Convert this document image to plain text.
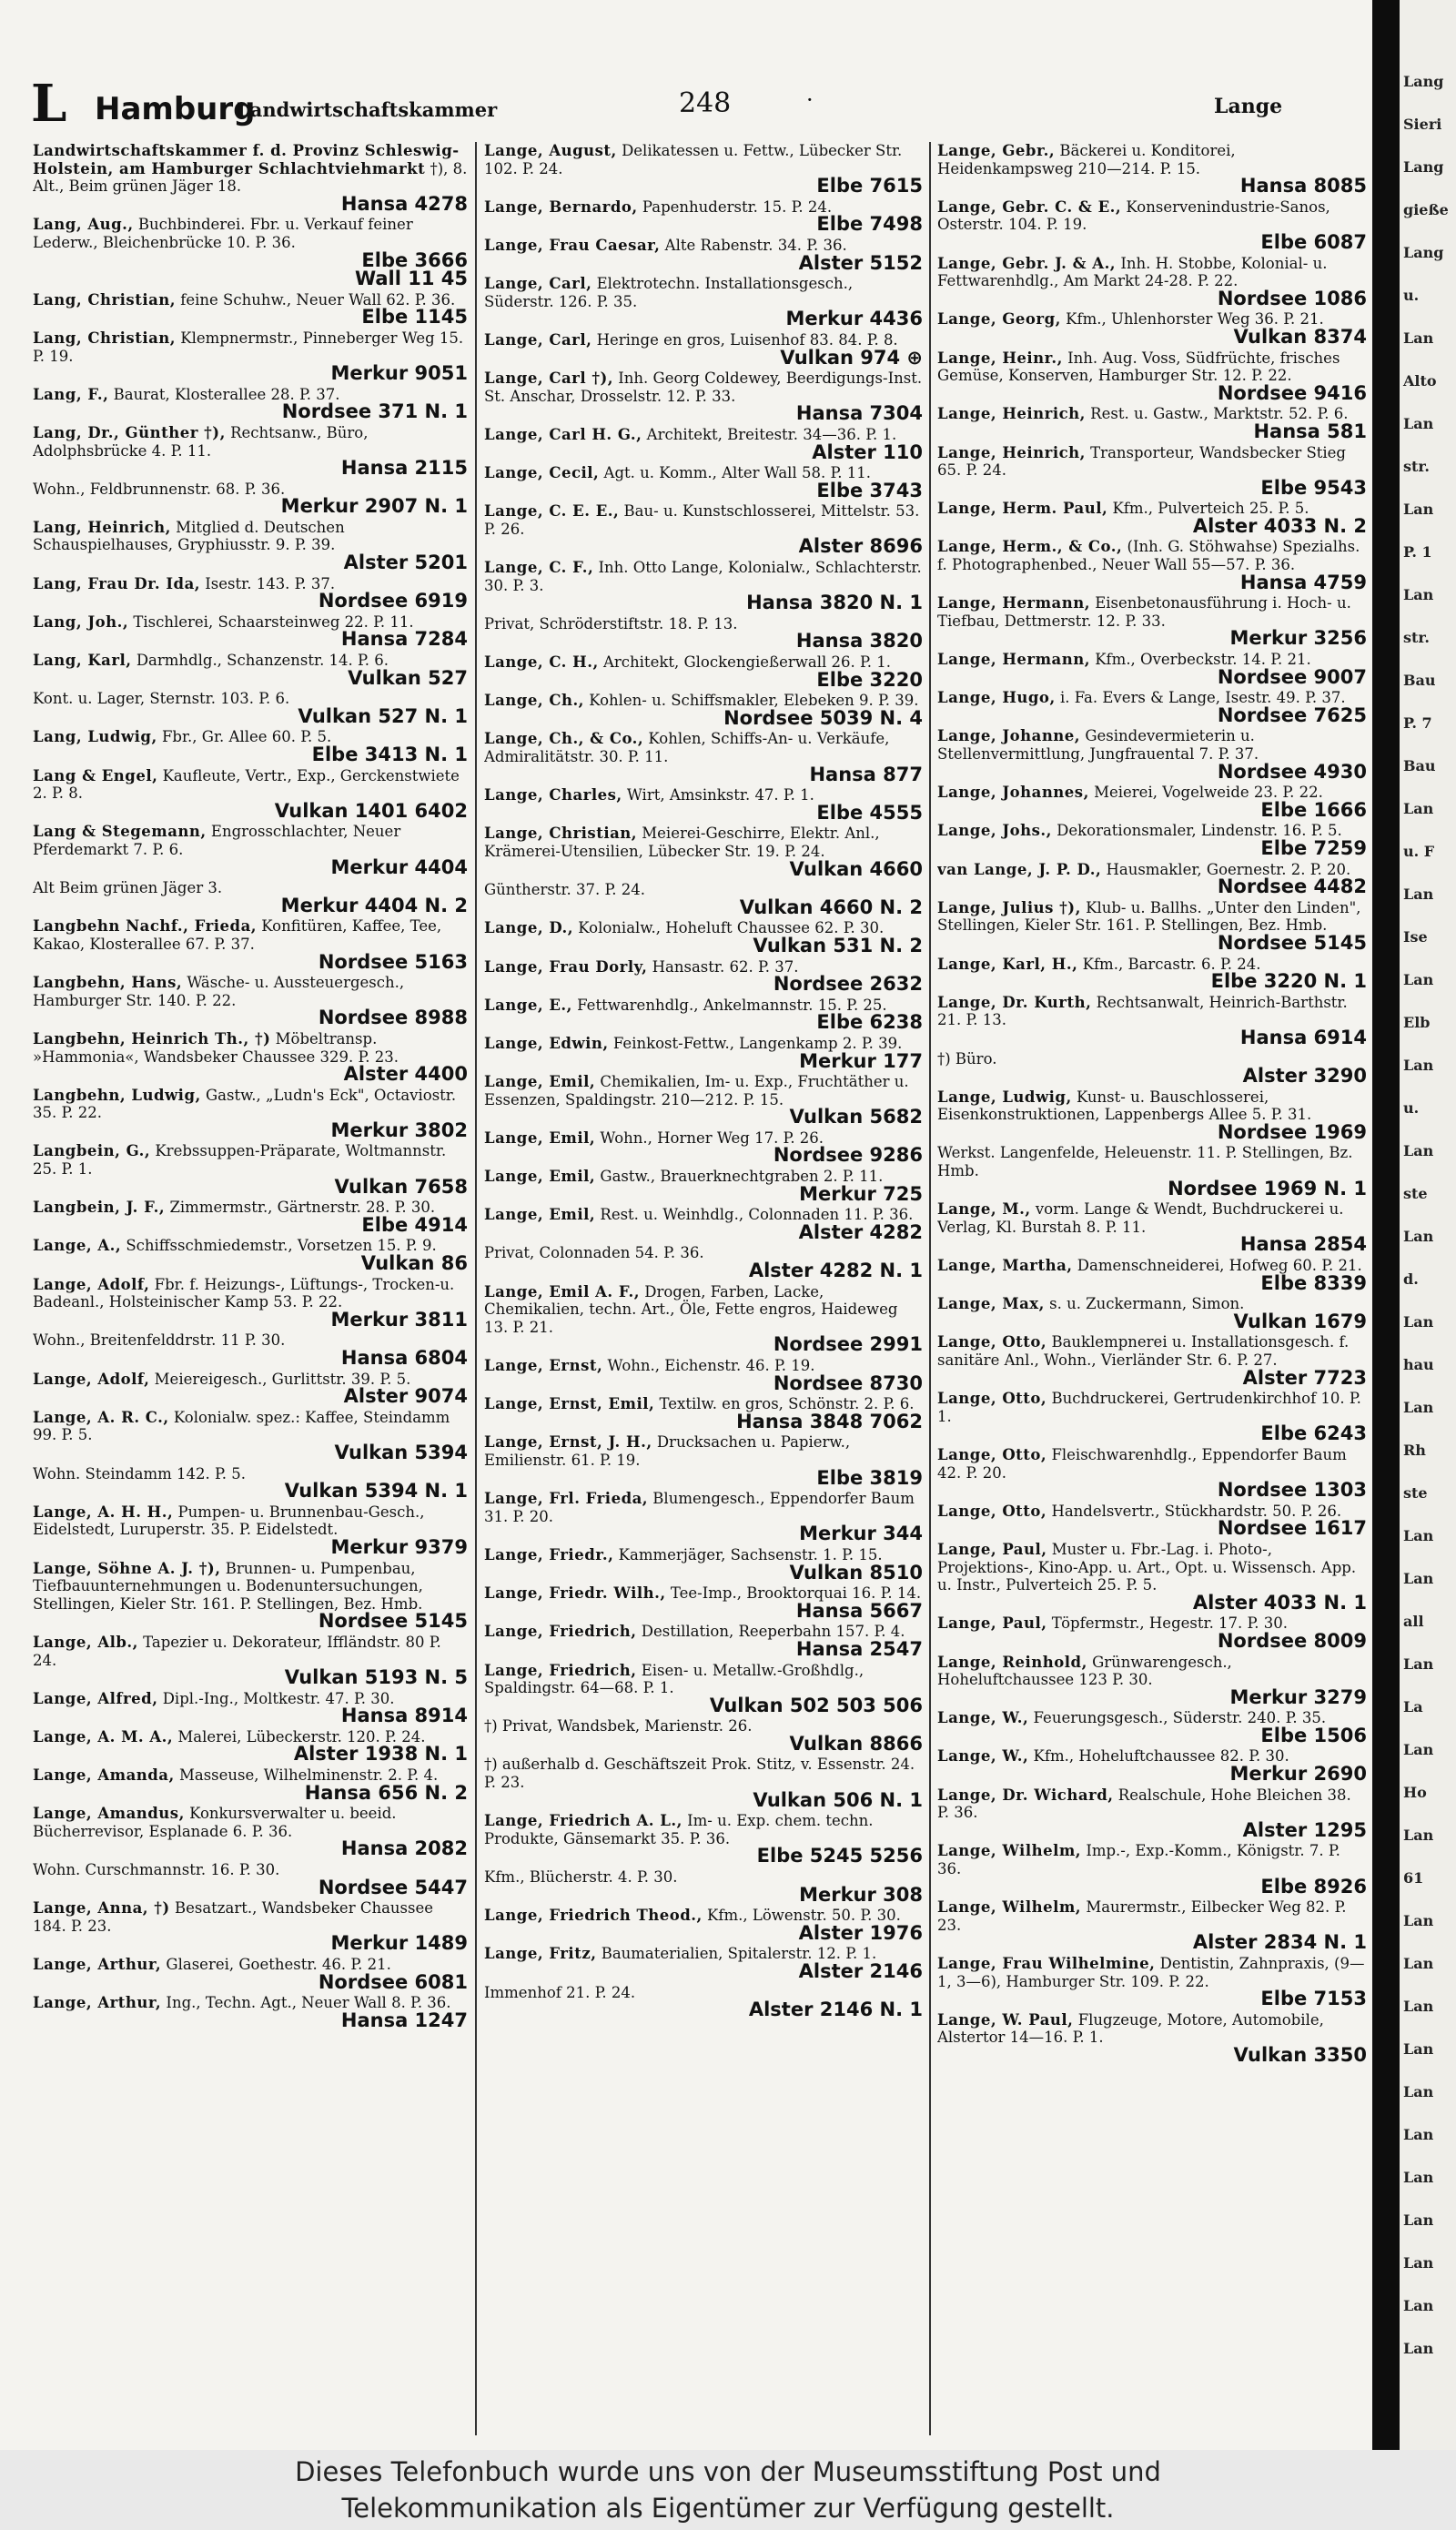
L Hamburg
Landwirtschaftskammer	248	·	Lange
Landwirtschaftskammer f. d. Provinz Schleswig-Holstein, am Hamburger Schlachtviehmarkt †), 8. Alt., Beim grünen Jäger 18.
Hansa 4278
Lang, Aug., Buchbinderei. Fbr. u. Verkauf feiner Lederw., Bleichenbrücke 10. P. 36.
Elbe 3666
Wall 11 45
Lang, Christian, feine Schuhw., Neuer Wall 62. P. 36.
Elbe 1145
Lang, Christian, Klempnermstr., Pinneberger Weg 15. P. 19.
Merkur 9051
Lang, F., Baurat, Klosterallee 28. P. 37.
Nordsee 371 N. 1
Lang, Dr., Günther †), Rechtsanw., Büro, Adolphsbrücke 4. P. 11.
Hansa 2115
Wohn., Feldbrunnenstr. 68. P. 36.
Merkur 2907 N. 1
Lang, Heinrich, Mitglied d. Deutschen Schauspielhauses, Gryphiusstr. 9. P. 39.
Alster 5201
Lang, Frau Dr. Ida, Isestr. 143. P. 37.
Nordsee 6919
Lang, Joh., Tischlerei, Schaarsteinweg 22. P. 11.
Hansa 7284
Lang, Karl, Darmhdlg., Schanzenstr. 14. P. 6.
Vulkan 527
Kont. u. Lager, Sternstr. 103. P. 6.
Vulkan 527 N. 1
Lang, Ludwig, Fbr., Gr. Allee 60. P. 5.
Elbe 3413 N. 1
Lang & Engel, Kaufleute, Vertr., Exp., Gerckenstwiete 2. P. 8.
Vulkan 1401 6402
Lang & Stegemann, Engrosschlachter, Neuer Pferdemarkt 7. P. 6.
Merkur 4404
Alt Beim grünen Jäger 3.
Merkur 4404 N. 2
Langbehn Nachf., Frieda, Konfitüren, Kaffee, Tee, Kakao, Klosterallee 67. P. 37.
Nordsee 5163
Langbehn, Hans, Wäsche- u. Aussteuergesch., Hamburger Str. 140. P. 22.
Nordsee 8988
Langbehn, Heinrich Th., †) Möbeltransp. »Hammonia«, Wandsbeker Chaussee 329. P. 23.
Alster 4400
Langbehn, Ludwig, Gastw., „Ludn's Eck", Octaviostr. 35. P. 22.
Merkur 3802
Langbein, G., Krebssuppen-Präparate, Woltmannstr. 25. P. 1.
Vulkan 7658
Langbein, J. F., Zimmermstr., Gärtnerstr. 28. P. 30.
Elbe 4914
Lange, A., Schiffsschmiedemstr., Vorsetzen 15. P. 9.
Vulkan 86
Lange, Adolf, Fbr. f. Heizungs-, Lüftungs-, Trocken-u. Badeanl., Holsteinischer Kamp 53. P. 22.
Merkur 3811
Wohn., Breitenfelddrstr. 11 P. 30.
Hansa 6804
Lange, Adolf, Meiereigesch., Gurlittstr. 39. P. 5.
Alster 9074
Lange, A. R. C., Kolonialw. spez.: Kaffee, Steindamm 99. P. 5.
Vulkan 5394
Wohn. Steindamm 142. P. 5.
Vulkan 5394 N. 1
Lange, A. H. H., Pumpen- u. Brunnenbau-Gesch., Eidelstedt, Luruperstr. 35. P. Eidelstedt.
Merkur 9379
Lange, Söhne A. J. †), Brunnen- u. Pumpenbau, Tiefbauunternehmungen u. Bodenuntersuchungen, Stellingen, Kieler Str. 161. P. Stellingen, Bez. Hmb.
Nordsee 5145
Lange, Alb., Tapezier u. Dekorateur, Iffländstr. 80 P. 24.
Vulkan 5193 N. 5
Lange, Alfred, Dipl.-Ing., Moltkestr. 47. P. 30.
Hansa 8914
Lange, A. M. A., Malerei, Lübeckerstr. 120. P. 24.
Alster 1938 N. 1
Lange, Amanda, Masseuse, Wilhelminenstr. 2. P. 4.
Hansa 656 N. 2
Lange, Amandus, Konkursverwalter u. beeid. Bücherrevisor, Esplanade 6. P. 36.
Hansa 2082
Wohn. Curschmannstr. 16. P. 30.
Nordsee 5447
Lange, Anna, †) Besatzart., Wandsbeker Chaussee 184. P. 23.
Merkur 1489
Lange, Arthur, Glaserei, Goethestr. 46. P. 21.
Nordsee 6081
Lange, Arthur, Ing., Techn. Agt., Neuer Wall 8. P. 36.
Hansa 1247
Lange, August, Delikatessen u. Fettw., Lübecker Str. 102. P. 24.
Elbe 7615
Lange, Bernardo, Papenhuderstr. 15. P. 24.
Elbe 7498
Lange, Frau Caesar, Alte Rabenstr. 34. P. 36.
Alster 5152
Lange, Carl, Elektrotechn. Installationsgesch., Süderstr. 126. P. 35.
Merkur 4436
Lange, Carl, Heringe en gros, Luisenhof 83. 84. P. 8.
Vulkan 974 ⊕
Lange, Carl †), Inh. Georg Coldewey, Beerdigungs-Inst. St. Anschar, Drosselstr. 12. P. 33.
Hansa 7304
Lange, Carl H. G., Architekt, Breitestr. 34—36. P. 1.
Alster 110
Lange, Cecil, Agt. u. Komm., Alter Wall 58. P. 11.
Elbe 3743
Lange, C. E. E., Bau- u. Kunstschlosserei, Mittelstr. 53. P. 26.
Alster 8696
Lange, C. F., Inh. Otto Lange, Kolonialw., Schlachterstr. 30. P. 3.
Hansa 3820 N. 1
Privat, Schröderstiftstr. 18. P. 13.
Hansa 3820
Lange, C. H., Architekt, Glockengießerwall 26. P. 1.
Elbe 3220
Lange, Ch., Kohlen- u. Schiffsmakler, Elebeken 9. P. 39.
Nordsee 5039 N. 4
Lange, Ch., & Co., Kohlen, Schiffs-An- u. Verkäufe, Admiralitätstr. 30. P. 11.
Hansa 877
Lange, Charles, Wirt, Amsinkstr. 47. P. 1.
Elbe 4555
Lange, Christian, Meierei-Geschirre, Elektr. Anl., Krämerei-Utensilien, Lübecker Str. 19. P. 24.
Vulkan 4660
Güntherstr. 37. P. 24.
Vulkan 4660 N. 2
Lange, D., Kolonialw., Hoheluft Chaussee 62. P. 30.
Vulkan 531 N. 2
Lange, Frau Dorly, Hansastr. 62. P. 37.
Nordsee 2632
Lange, E., Fettwarenhdlg., Ankelmannstr. 15. P. 25.
Elbe 6238
Lange, Edwin, Feinkost-Fettw., Langenkamp 2. P. 39.
Merkur 177
Lange, Emil, Chemikalien, Im- u. Exp., Fruchtäther u. Essenzen, Spaldingstr. 210—212. P. 15.
Vulkan 5682
Lange, Emil, Wohn., Horner Weg 17. P. 26.
Nordsee 9286
Lange, Emil, Gastw., Brauerknechtgraben 2. P. 11.
Merkur 725
Lange, Emil, Rest. u. Weinhdlg., Colonnaden 11. P. 36.
Alster 4282
Privat, Colonnaden 54. P. 36.
Alster 4282 N. 1
Lange, Emil A. F., Drogen, Farben, Lacke, Chemikalien, techn. Art., Öle, Fette engros, Haideweg 13. P. 21.
Nordsee 2991
Lange, Ernst, Wohn., Eichenstr. 46. P. 19.
Nordsee 8730
Lange, Ernst, Emil, Textilw. en gros, Schönstr. 2. P. 6.
Hansa 3848 7062
Lange, Ernst, J. H., Drucksachen u. Papierw., Emilienstr. 61. P. 19.
Elbe 3819
Lange, Frl. Frieda, Blumengesch., Eppendorfer Baum 31. P. 20.
Merkur 344
Lange, Friedr., Kammerjäger, Sachsenstr. 1. P. 15.
Vulkan 8510
Lange, Friedr. Wilh., Tee-Imp., Brooktorquai 16. P. 14.
Hansa 5667
Lange, Friedrich, Destillation, Reeperbahn 157. P. 4.
Hansa 2547
Lange, Friedrich, Eisen- u. Metallw.-Großhdlg., Spaldingstr. 64—68. P. 1.
Vulkan 502 503 506
†) Privat, Wandsbek, Marienstr. 26.
Vulkan 8866
†) außerhalb d. Geschäftszeit Prok. Stitz, v. Essenstr. 24. P. 23.
Vulkan 506 N. 1
Lange, Friedrich A. L., Im- u. Exp. chem. techn. Produkte, Gänsemarkt 35. P. 36.
Elbe 5245 5256
Kfm., Blücherstr. 4. P. 30.
Merkur 308
Lange, Friedrich Theod., Kfm., Löwenstr. 50. P. 30.
Alster 1976
Lange, Fritz, Baumaterialien, Spitalerstr. 12. P. 1.
Alster 2146
Immenhof 21. P. 24.
Alster 2146 N. 1
Lange, Gebr., Bäckerei u. Konditorei, Heidenkampsweg 210—214. P. 15.
Hansa 8085
Lange, Gebr. C. & E., Konservenindustrie-Sanos, Osterstr. 104. P. 19.
Elbe 6087
Lange, Gebr. J. & A., Inh. H. Stobbe, Kolonial- u. Fettwarenhdlg., Am Markt 24-28. P. 22.
Nordsee 1086
Lange, Georg, Kfm., Uhlenhorster Weg 36. P. 21.
Vulkan 8374
Lange, Heinr., Inh. Aug. Voss, Südfrüchte, frisches Gemüse, Konserven, Hamburger Str. 12. P. 22.
Nordsee 9416
Lange, Heinrich, Rest. u. Gastw., Marktstr. 52. P. 6.
Hansa 581
Lange, Heinrich, Transporteur, Wandsbecker Stieg 65. P. 24.
Elbe 9543
Lange, Herm. Paul, Kfm., Pulverteich 25. P. 5.
Alster 4033 N. 2
Lange, Herm., & Co., (Inh. G. Stöhwahse) Spezialhs. f. Photographenbed., Neuer Wall 55—57. P. 36.
Hansa 4759
Lange, Hermann, Eisenbetonausführung i. Hoch- u. Tiefbau, Dettmerstr. 12. P. 33.
Merkur 3256
Lange, Hermann, Kfm., Overbeckstr. 14. P. 21.
Nordsee 9007
Lange, Hugo, i. Fa. Evers & Lange, Isestr. 49. P. 37.
Nordsee 7625
Lange, Johanne, Gesindevermieterin u. Stellenvermittlung, Jungfrauental 7. P. 37.
Nordsee 4930
Lange, Johannes, Meierei, Vogelweide 23. P. 22.
Elbe 1666
Lange, Johs., Dekorationsmaler, Lindenstr. 16. P. 5.
Elbe 7259
van Lange, J. P. D., Hausmakler, Goernestr. 2. P. 20.
Nordsee 4482
Lange, Julius †), Klub- u. Ballhs. „Unter den Linden", Stellingen, Kieler Str. 161. P. Stellingen, Bez. Hmb.
Nordsee 5145
Lange, Karl, H., Kfm., Barcastr. 6. P. 24.
Elbe 3220 N. 1
Lange, Dr. Kurth, Rechtsanwalt, Heinrich-Barthstr. 21. P. 13.
Hansa 6914
†) Büro.
Alster 3290
Lange, Ludwig, Kunst- u. Bauschlosserei, Eisenkonstruktionen, Lappenbergs Allee 5. P. 31.
Nordsee 1969
Werkst. Langenfelde, Heleuenstr. 11. P. Stellingen, Bz. Hmb.
Nordsee 1969 N. 1
Lange, M., vorm. Lange & Wendt, Buchdruckerei u. Verlag, Kl. Burstah 8. P. 11.
Hansa 2854
Lange, Martha, Damenschneiderei, Hofweg 60. P. 21.
Elbe 8339
Lange, Max, s. u. Zuckermann, Simon.
Vulkan 1679
Lange, Otto, Bauklempnerei u. Installationsgesch. f. sanitäre Anl., Wohn., Vierländer Str. 6. P. 27.
Alster 7723
Lange, Otto, Buchdruckerei, Gertrudenkirchhof 10. P. 1.
Elbe 6243
Lange, Otto, Fleischwarenhdlg., Eppendorfer Baum 42. P. 20.
Nordsee 1303
Lange, Otto, Handelsvertr., Stückhardstr. 50. P. 26.
Nordsee 1617
Lange, Paul, Muster u. Fbr.-Lag. i. Photo-, Projektions-, Kino-App. u. Art., Opt. u. Wissensch. App. u. Instr., Pulverteich 25. P. 5.
Alster 4033 N. 1
Lange, Paul, Töpfermstr., Hegestr. 17. P. 30.
Nordsee 8009
Lange, Reinhold, Grünwarengesch., Hoheluftchaussee 123 P. 30.
Merkur 3279
Lange, W., Feuerungsgesch., Süderstr. 240. P. 35.
Elbe 1506
Lange, W., Kfm., Hoheluftchaussee 82. P. 30.
Merkur 2690
Lange, Dr. Wichard, Realschule, Hohe Bleichen 38. P. 36.
Alster 1295
Lange, Wilhelm, Imp.-, Exp.-Komm., Königstr. 7. P. 36.
Elbe 8926
Lange, Wilhelm, Maurermstr., Eilbecker Weg 82. P. 23.
Alster 2834 N. 1
Lange, Frau Wilhelmine, Dentistin, Zahnpraxis, (9—1, 3—6), Hamburger Str. 109. P. 22.
Elbe 7153
Lange, W. Paul, Flugzeuge, Motore, Automobile, Alstertor 14—16. P. 1.
Vulkan 3350
Lang
Sieri
Lang
gieße
Lang
u.
Lan
Alto
Lan
str.
Lan
P. 1
Lan
str.
Bau
P. 7
Bau
Lan
u. F
Lan
Ise
Lan
Elb
Lan
u.
Lan
ste
Lan
d.
Lan
hau
Lan
Rh
ste
Lan
Lan
all
Lan
La
Lan
Ho
Lan
61
Lan
Lan
Lan
Lan
Lan
Lan
Lan
Lan
Lan
Lan
Lan
Dieses Telefonbuch wurde uns von der Museumsstiftung Post und
Telekommunikation als Eigentümer zur Verfügung gestellt.
